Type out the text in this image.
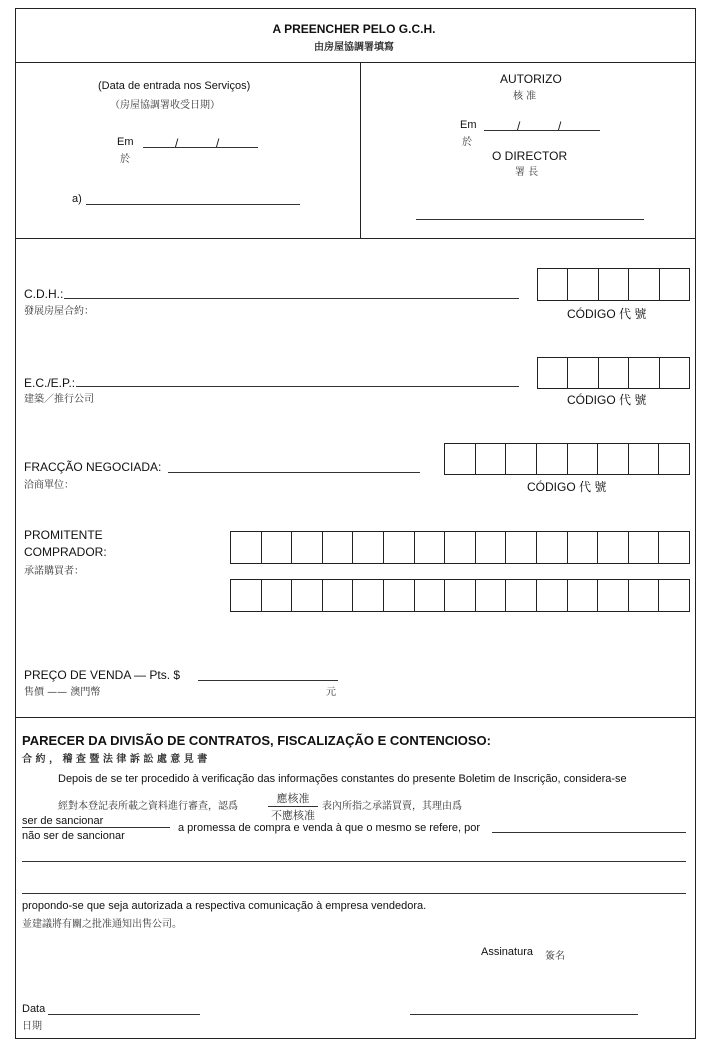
A PREENCHER PELO G.C.H.
由房屋協調署填寫
(Data de entrada nos Serviços)
（房屋協調署收受日期）
Em
於
/	/
a)
AUTORIZO
核 准
Em
於
/	/
O DIRECTOR
署 長
C.D.H.:
發展房屋合約：	CÓDIGO 代 號
E.C./E.P.:
建築／推行公司	CÓDIGO 代 號
FRACÇÃO NEGOCIADA:
洽商單位：	CÓDIGO 代 號
PROMITENTE
COMPRADOR:
承諾購買者：
PREÇO DE VENDA — Pts. $
售價 —— 澳門幣	元
PARECER DA DIVISÃO DE CONTRATOS, FISCALIZAÇÃO E CONTENCIOSO:
合 約 ， 稽 查 暨 法 律 訴 訟 處 意 見 書
Depois de se ter procedido à verificação das informações constantes do presente Boletim de Inscrição, considera-se
經對本登記表所載之資料進行審查，認爲
應核准
不應核准
表內所指之承諾買賣，其理由爲
ser de sancionar
não ser de sancionar
a promessa de compra e venda à que o mesmo se refere, por
propondo-se que seja autorizada a respectiva comunicação à empresa vendedora.
並建議將有關之批准通知出售公司。
Assinatura 簽名
Data
日期
